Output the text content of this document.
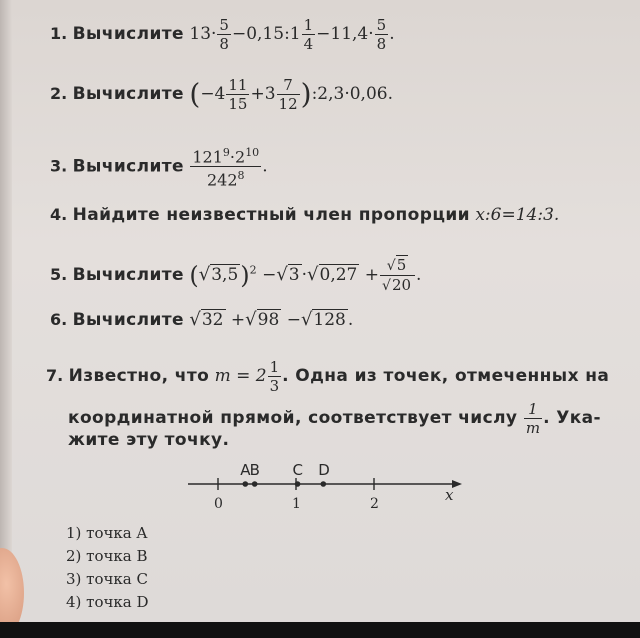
1. Вычислите $13\cdot \frac{5}{8}$ −0,15:1 $\frac{1}{4} -11,4\cdot \frac{5}{8}$ .
2. Вычислите ($-4 \frac{11}{15} +3 \frac{7}{12}$ ):2,3·0,06.
3. Вычислите $\frac{121^9\cdot 2^{10}}{242^8}$ .
4. Найдите неизвестный член пропорции x:6=14:3.
5. Вычислите $(√3,5)^2 -√3 \cdot√0,27 + \frac{√5}{√20}$ .
6. Вычислите √32 +√98 −√128 .
7. Известно, что $m = 2 \frac{1}{3}$ . Одна из точек, отмеченных на
координатной прямой, соответствует числу $\frac{1}{m}$ . Ука-
жите эту точку.
x
0	1	2
A B C D
1) точка A
2) точка B
3) точка C
4) точка D
